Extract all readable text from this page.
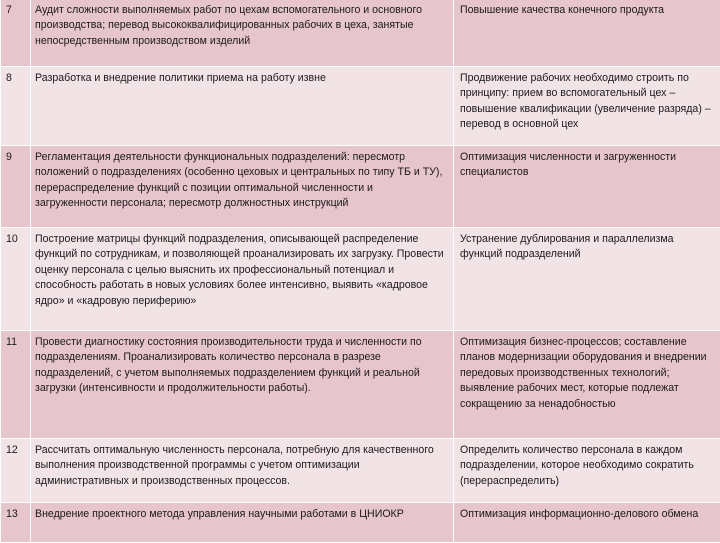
7	Аудит сложности выполняемых работ по цехам вспомогательного и основного производства; перевод высококвалифицированных рабочих в цеха, занятые непосредственным производством изделий	Повышение качества конечного продукта
8	Разработка и внедрение политики приема на работу извне	Продвижение рабочих необходимо строить по принципу: прием во вспомогательный цех – повышение квалификации (увеличение разряда) – перевод в основной цех
9	Регламентация деятельности функциональных подразделений: пересмотр положений о подразделениях (особенно цеховых и центральных по типу ТБ и ТУ), перераспределение функций с позиции оптимальной численности и загруженности персонала; пересмотр должностных инструкций	Оптимизация численности и загруженности специалистов
10	Построение матрицы функций подразделения, описывающей распределение функций по сотрудникам, и позволяющей проанализировать их загрузку. Провести оценку персонала с целью выяснить их профессиональный потенциал и способность работать в новых условиях более интенсивно, выявить «кадровое ядро» и «кадровую периферию»	Устранение дублирования и параллелизма функций подразделений
11	Провести диагностику состояния производительности труда и численности по подразделениям. Проанализировать количество персонала в разрезе подразделений, с учетом выполняемых подразделением функций и реальной загрузки (интенсивности и продолжительности работы).	Оптимизация бизнес-процессов; составление планов модернизации оборудования и внедрении передовых производственных технологий; выявление рабочих мест, которые подлежат сокращению за ненадобностью
12	Рассчитать оптимальную численность персонала, потребную для качественного выполнения производственной программы с учетом оптимизации административных и производственных процессов.	Определить количество персонала в каждом подразделении, которое необходимо сократить (перераспределить)
13	Внедрение проектного метода управления научными работами в ЦНИОКР	Оптимизация информационно-делового обмена
